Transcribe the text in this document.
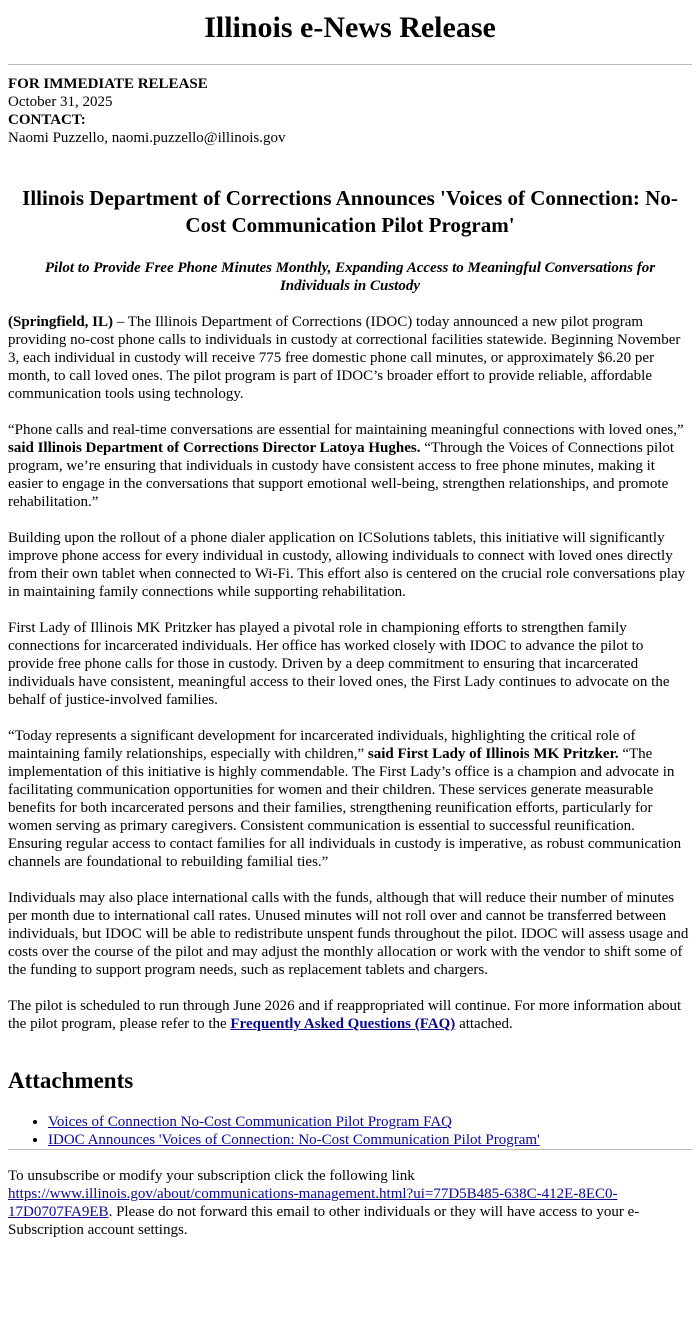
Illinois e-News Release

FOR IMMEDIATE RELEASE
October 31, 2025

CONTACT:
Naomi Puzzello, naomi.puzzello@illinois.gov

Illinois Department of Corrections Announces 'Voices of Connection: No-Cost Communication Pilot Program'

Pilot to Provide Free Phone Minutes Monthly, Expanding Access to Meaningful Conversations for Individuals in Custody

(Springfield, IL) – The Illinois Department of Corrections (IDOC) today announced a new pilot program providing no-cost phone calls to individuals in custody at correctional facilities statewide. Beginning November 3, each individual in custody will receive 775 free domestic phone call minutes, or approximately $6.20 per month, to call loved ones. The pilot program is part of IDOC’s broader effort to provide reliable, affordable communication tools using technology.

“Phone calls and real-time conversations are essential for maintaining meaningful connections with loved ones,” said Illinois Department of Corrections Director Latoya Hughes. “Through the Voices of Connections pilot program, we’re ensuring that individuals in custody have consistent access to free phone minutes, making it easier to engage in the conversations that support emotional well-being, strengthen relationships, and promote rehabilitation.”

Building upon the rollout of a phone dialer application on ICSolutions tablets, this initiative will significantly improve phone access for every individual in custody, allowing individuals to connect with loved ones directly from their own tablet when connected to Wi-Fi. This effort also is centered on the crucial role conversations play in maintaining family connections while supporting rehabilitation.

First Lady of Illinois MK Pritzker has played a pivotal role in championing efforts to strengthen family connections for incarcerated individuals. Her office has worked closely with IDOC to advance the pilot to provide free phone calls for those in custody. Driven by a deep commitment to ensuring that incarcerated individuals have consistent, meaningful access to their loved ones, the First Lady continues to advocate on the behalf of justice-involved families.

“Today represents a significant development for incarcerated individuals, highlighting the critical role of maintaining family relationships, especially with children,” said First Lady of Illinois MK Pritzker. “The implementation of this initiative is highly commendable. The First Lady’s office is a champion and advocate in facilitating communication opportunities for women and their children. These services generate measurable benefits for both incarcerated persons and their families, strengthening reunification efforts, particularly for women serving as primary caregivers. Consistent communication is essential to successful reunification. Ensuring regular access to contact families for all individuals in custody is imperative, as robust communication channels are foundational to rebuilding familial ties.”

Individuals may also place international calls with the funds, although that will reduce their number of minutes per month due to international call rates. Unused minutes will not roll over and cannot be transferred between individuals, but IDOC will be able to redistribute unspent funds throughout the pilot. IDOC will assess usage and costs over the course of the pilot and may adjust the monthly allocation or work with the vendor to shift some of the funding to support program needs, such as replacement tablets and chargers.

The pilot is scheduled to run through June 2026 and if reappropriated will continue. For more information about the pilot program, please refer to the Frequently Asked Questions (FAQ) attached.

Attachments
• Voices of Connection No-Cost Communication Pilot Program FAQ
• IDOC Announces 'Voices of Connection: No-Cost Communication Pilot Program'

To unsubscribe or modify your subscription click the following link https://www.illinois.gov/about/communications-management.html?ui=77D5B485-638C-412E-8EC0-17D0707FA9EB. Please do not forward this email to other individuals or they will have access to your e-Subscription account settings.
